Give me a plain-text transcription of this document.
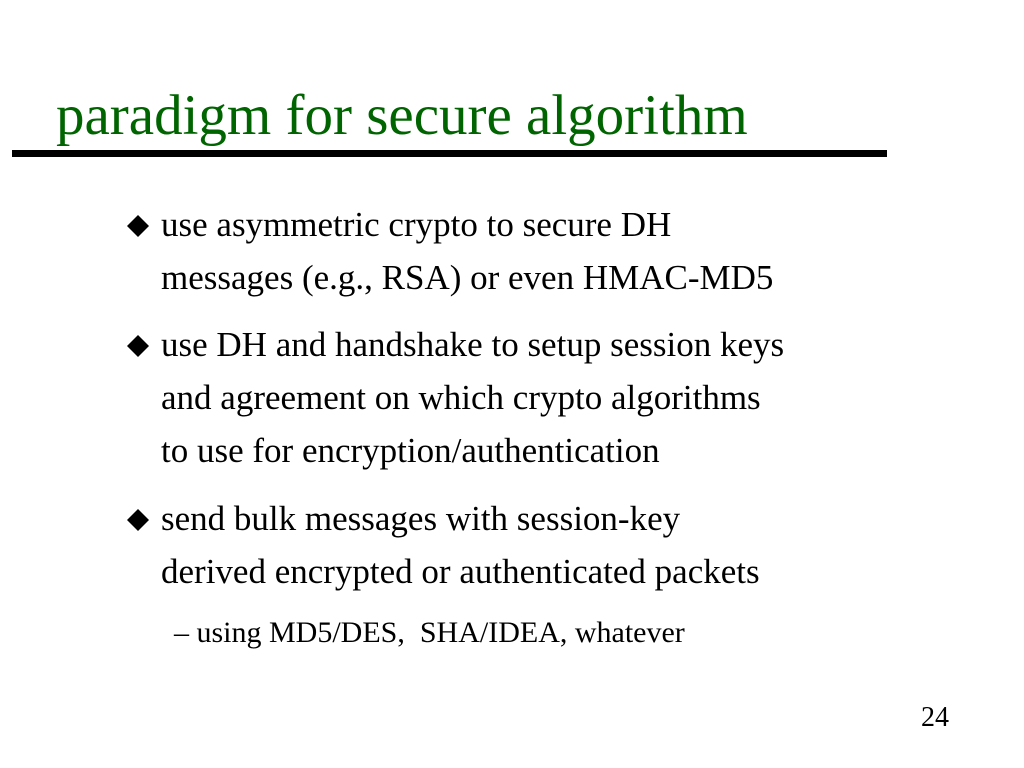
paradigm for secure algorithm
use asymmetric crypto to secure DH
messages (e.g., RSA) or even HMAC-MD5
use DH and handshake to setup session keys
and agreement on which crypto algorithms
to use for encryption/authentication
send bulk messages with session-key
derived encrypted or authenticated packets
– using MD5/DES,  SHA/IDEA, whatever
24
